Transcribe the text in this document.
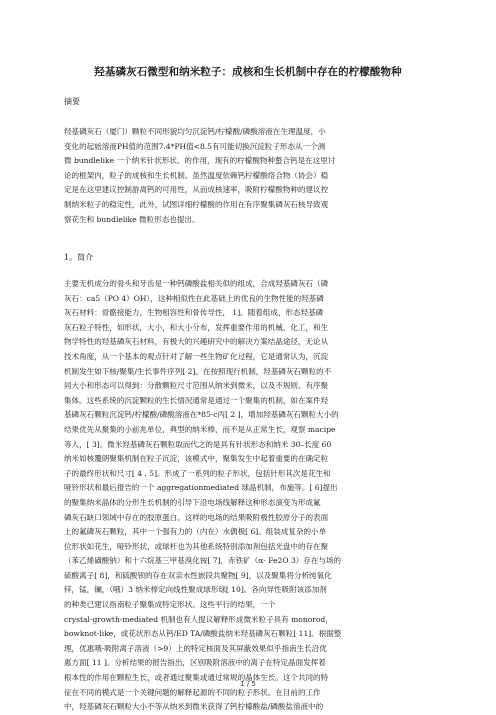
羟基磷灰石微型和纳米粒子：成核和生长机制中存在的柠檬酸物种
摘要
羟基磷灰石（厦门）颗粒不同形貌均匀沉淀钙/柠檬酸/磷酸溶液在生理温度，小
变化的起始溶液PH值的范围7.4*PH值<8.5有可能切换沉淀粒子形态从一个测
微 bundlelike 一个纳米针状形状。的作用，现有的柠檬酸物种螯合钙是在这里讨
论的框架内，粒子的成核和生长机制。虽然温度依赖钙柠檬酸络合物（协会）稳
定是在这里建议控制游离钙的可用性，从而成核速率，吸附柠檬酸物种的建议控
制纳米粒子的稳定性，此外，试图详细柠檬酸的作用在有序聚集磷灰石核导致观
察花生和 bundlelike 微粒形态也提出。
1。简介
主要无机成分的骨头和牙齿是一种钙磷酸盐相关似的组成，合成羟基磷灰石（磷
灰石：ca5（PO 4）OH），这种相似性在此基础上的优良的生物性能的羟基磷
灰石材料：骨骼接能力，生物相容性和骨传导性， 1]。随着组成，形态羟基磷
灰石粒子特性，如形状，大小，和大小分布，发挥重要作用的机械，化工，和生
物学特性的羟基磷灰石材料，有极大的兴趣研究中的解决方案结晶途径，无论从
技术角度，从一个基本的观点针对了解一些生物矿化过程，它是通常认为，沉淀
机制发生如下核/聚集/生长事件序列[ 2]。在按照现行机制，羟基磷灰石颗粒的不
同大小和形态可以得到：分散颗粒尺寸范围从纳米到微米，以及不规则、有序聚
集体。这些系统的沉淀颗粒的生长情况通常是通过一个聚集的机制，如在案件羟
基磷灰石颗粒沉淀钙/柠檬酸/磷酸溶液在*85-c丙[ 2 ]，增加羟基磷灰石颗粒大小的
结果优先从聚集的小前兆单位，典型的纳米棒，而不是从正常生长，观察 macipe
等人，[ 3]。微米羟基磷灰石颗粒取而代之的是具有针状形态和纳米 30–长度 60
纳米如核覆朗聚集机制在粒子沉淀，该模式中，聚集发生中起着重要的在确定粒
子的最终形状和尺寸[ 4 , 5]。形成了一系列的粒子形状，包括针形其次是花生和
哑铃形状和最后报告的一个 aggregationmediated 球晶机制，布施等。[ 6]提出
的聚集纳米晶体的分形生长机制的引导下沿电场线解释这种形态演变为形成氟
磷灰石缺口领域中存在的胶原蛋白。这样的电场的结果吸附极性胶原分子的表面
上的氟磷灰石颗粒，其中一个强有力的（内在）水偶极[ 6]。组装成复杂的小单
位形状如花生，哑铃形状，或球杆也为其他系统特别添加剂包括光盘中的存在聚
（苯乙烯磺酸钠）和十六烷基三甲基溴化铵[ 7]，赤铁矿（α- Fe2O 3）存在与场的
硫酸离子[ 8]，和硫酸钡的存在双亲水性嵌段共聚物[ 9]，以及聚集将分析纯氧化
锌，锰，镧，（哦）3 纳米棒定向线性聚成球形球[ 10]。各向异性吸附该添加剂
的种类已建议指南粒子聚集成特定形状。这些平行的结果，一个
crystal-growth-mediated 机制也有人提议解释形成微米粒子具有 monorod，
bowknot-like，或花状形态从钙/ED TA/磷酸盐纳米羟基磷灰石颗粒[ 11]。根据整
理，优惠哦-吸附离子溶液（>9）上的特定核面及其屏蔽效果似乎指南生长沿优
惠方面[ 11 ]。分析结果的报告指出，区别吸附溶液中的离子在特定晶面发挥着
根本性的作用在颗粒生长，或者通过聚集或通过常规的晶体生长。这个共同的特
征在不同的模式是一个关键问题的解释起源的不同的粒子形状。在目前的工作
中，羟基磷灰石颗粒大小不等从纳米到微米获得了钙柠檬酸盐/磷酸盐溶液中的
1 / 5
